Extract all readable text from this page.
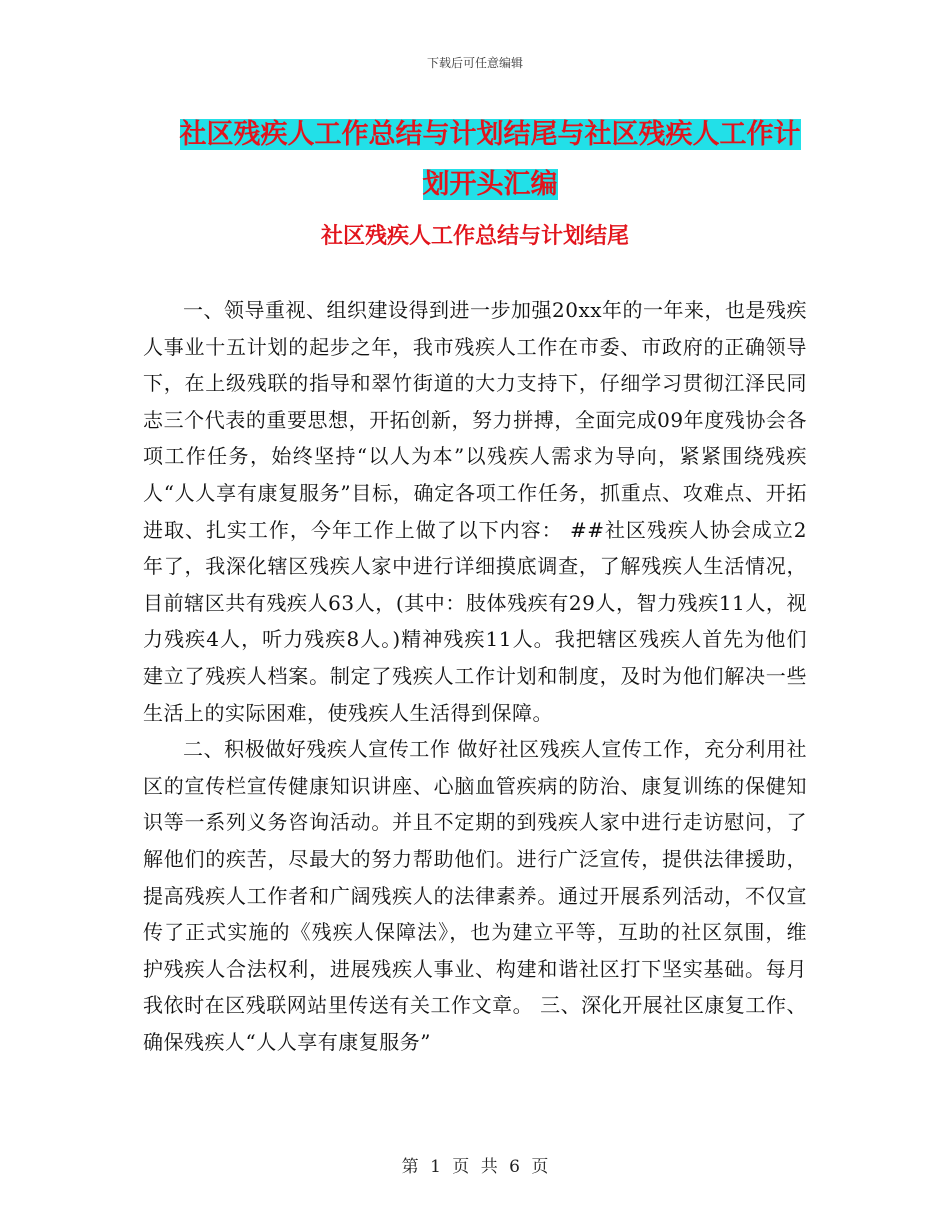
下载后可任意编辑
社区残疾人工作总结与计划结尾与社区残疾人工作计
划开头汇编
社区残疾人工作总结与计划结尾

一、领导重视、组织建设得到进一步加强20xx年的一年来，也是残疾人事业十五计划的起步之年，我市残疾人工作在市委、市政府的正确领导下，在上级残联的指导和翠竹街道的大力支持下，仔细学习贯彻江泽民同志三个代表的重要思想，开拓创新，努力拼搏，全面完成09年度残协会各项工作任务，始终坚持“以人为本”以残疾人需求为导向，紧紧围绕残疾人“人人享有康复服务”目标，确定各项工作任务，抓重点、攻难点、开拓进取、扎实工作，今年工作上做了以下内容： ##社区残疾人协会成立2年了，我深化辖区残疾人家中进行详细摸底调查，了解残疾人生活情况，目前辖区共有残疾人63人，(其中：肢体残疾有29人，智力残疾11人，视力残疾4人，听力残疾8人。)精神残疾11人。我把辖区残疾人首先为他们建立了残疾人档案。制定了残疾人工作计划和制度，及时为他们解决一些生活上的实际困难，使残疾人生活得到保障。

二、积极做好残疾人宣传工作 做好社区残疾人宣传工作，充分利用社区的宣传栏宣传健康知识讲座、心脑血管疾病的防治、康复训练的保健知识等一系列义务咨询活动。并且不定期的到残疾人家中进行走访慰问，了解他们的疾苦，尽最大的努力帮助他们。进行广泛宣传，提供法律援助，提高残疾人工作者和广阔残疾人的法律素养。通过开展系列活动，不仅宣传了正式实施的《残疾人保障法》，也为建立平等，互助的社区氛围，维护残疾人合法权利，进展残疾人事业、构建和谐社区打下坚实基础。每月我依时在区残联网站里传送有关工作文章。 三、深化开展社区康复工作、确保残疾人“人人享有康复服务”

第 1 页 共 6 页
